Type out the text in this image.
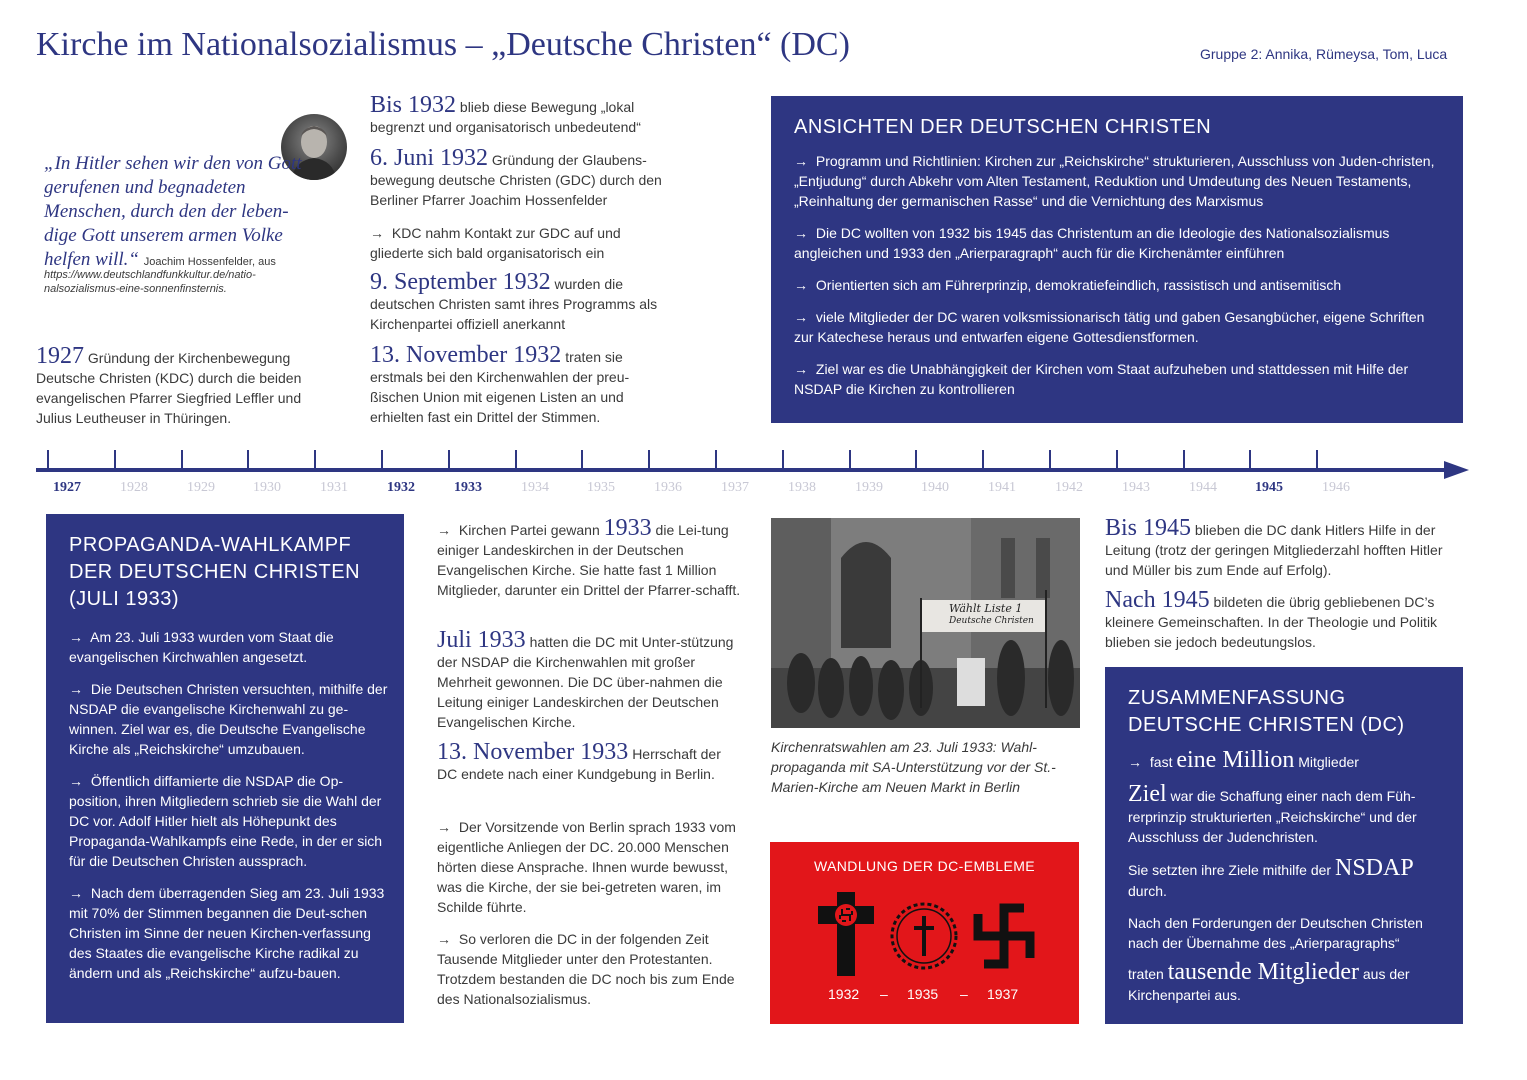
Kirche im Nationalsozialismus – „Deutsche Christen“ (DC)	Gruppe 2: Annika, Rümeysa, Tom, Luca
„In Hitler sehen wir den von Gott gerufenen und begnadeten Menschen, durch den der leben-dige Gott unserem armen Volke helfen will.“ Joachim Hossenfelder, aus
https://www.deutschlandfunkkultur.de/natio-nalsozialismus-eine-sonnenfinsternis.
1927 Gründung der Kirchenbewegung Deutsche Christen (KDC) durch die beiden evangelischen Pfarrer Siegfried Leffler und Julius Leutheuser in Thüringen.
Bis 1932 blieb diese Bewegung „lokal begrenzt und organisatorisch unbedeutend“
6. Juni 1932 Gründung der Glaubens-bewegung deutsche Christen (GDC) durch den Berliner Pfarrer Joachim Hossenfelder
→ KDC nahm Kontakt zur GDC auf und gliederte sich bald organisatorisch ein
9. September 1932 wurden die deutschen Christen samt ihres Programms als Kirchenpartei offiziell anerkannt
13. November 1932 traten sie erstmals bei den Kirchenwahlen der preu-ßischen Union mit eigenen Listen an und erhielten fast ein Drittel der Stimmen.
ANSICHTEN DER DEUTSCHEN CHRISTEN
→ Programm und Richtlinien: Kirchen zur „Reichskirche“ strukturieren, Ausschluss von Juden-christen, „Entjudung“ durch Abkehr vom Alten Testament, Reduktion und Umdeutung des Neuen Testaments, „Reinhaltung der germanischen Rasse“ und die Vernichtung des Marxismus
→ Die DC wollten von 1932 bis 1945 das Christentum an die Ideologie des Nationalsozialismus angleichen und 1933 den „Arierparagraph“ auch für die Kirchenämter einführen
→ Orientierten sich am Führerprinzip, demokratiefeindlich, rassistisch und antisemitisch
→ viele Mitglieder der DC waren volksmissionarisch tätig und gaben Gesangbücher, eigene Schriften zur Katechese heraus und entwarfen eigene Gottesdienstformen.
→ Ziel war es die Unabhängigkeit der Kirchen vom Staat aufzuheben und stattdessen mit Hilfe der NSDAP die Kirchen zu kontrollieren
1927	1928	1929	1930	1931	1932	1933	1934	1935	1936	1937	1938	1939	1940	1941	1942	1943	1944	1945	1946
PROPAGANDA-WAHLKAMPF DER DEUTSCHEN CHRISTEN (JULI 1933)
→ Am 23. Juli 1933 wurden vom Staat die evangelischen Kirchwahlen angesetzt.
→ Die Deutschen Christen versuchten, mithilfe der NSDAP die evangelische Kirchenwahl zu ge-winnen. Ziel war es, die Deutsche Evangelische Kirche als „Reichskirche“ umzubauen.
→ Öffentlich diffamierte die NSDAP die Op-position, ihren Mitgliedern schrieb sie die Wahl der DC vor. Adolf Hitler hielt als Höhepunkt des Propaganda-Wahlkampfs eine Rede, in der er sich für die Deutschen Christen aussprach.
→ Nach dem überragenden Sieg am 23. Juli 1933 mit 70% der Stimmen begannen die Deut-schen Christen im Sinne der neuen Kirchen-verfassung des Staates die evangelische Kirche radikal zu ändern und als „Reichskirche“ aufzu-bauen.
→ Kirchen Partei gewann 1933 die Lei-tung einiger Landeskirchen in der Deutschen Evangelischen Kirche. Sie hatte fast 1 Million Mitglieder, darunter ein Drittel der Pfarrer-schafft.
Juli 1933 hatten die DC mit Unter-stützung der NSDAP die Kirchenwahlen mit großer Mehrheit gewonnen. Die DC über-nahmen die Leitung einiger Landeskirchen der Deutschen Evangelischen Kirche.
13. November 1933 Herrschaft der DC endete nach einer Kundgebung in Berlin.
→ Der Vorsitzende von Berlin sprach 1933 vom eigentliche Anliegen der DC. 20.000 Menschen hörten diese Ansprache. Ihnen wurde bewusst, was die Kirche, der sie bei-getreten waren, im Schilde führte.
→ So verloren die DC in der folgenden Zeit Tausende Mitglieder unter den Protestanten. Trotzdem bestanden die DC noch bis zum Ende des Nationalsozialismus.
Wählt Liste 1
Deutsche Christen
Kirchenratswahlen am 23. Juli 1933: Wahl-propaganda mit SA-Unterstützung vor der St.-Marien-Kirche am Neuen Markt in Berlin
WANDLUNG DER DC-EMBLEME
1932 – 1935 – 1937
Bis 1945 blieben die DC dank Hitlers Hilfe in der Leitung (trotz der geringen Mitgliederzahl hofften Hitler und Müller bis zum Ende auf Erfolg).
Nach 1945 bildeten die übrig gebliebenen DC’s kleinere Gemeinschaften. In der Theologie und Politik blieben sie jedoch bedeutungslos.
ZUSAMMENFASSUNG DEUTSCHE CHRISTEN (DC)
→ fast eine Million Mitglieder
Ziel war die Schaffung einer nach dem Füh-rerprinzip strukturierten „Reichskirche“ und der Ausschluss der Judenchristen.
Sie setzten ihre Ziele mithilfe der NSDAP durch.
Nach den Forderungen der Deutschen Christen nach der Übernahme des „Arierparagraphs“
traten tausende Mitglieder aus der Kirchenpartei aus.
